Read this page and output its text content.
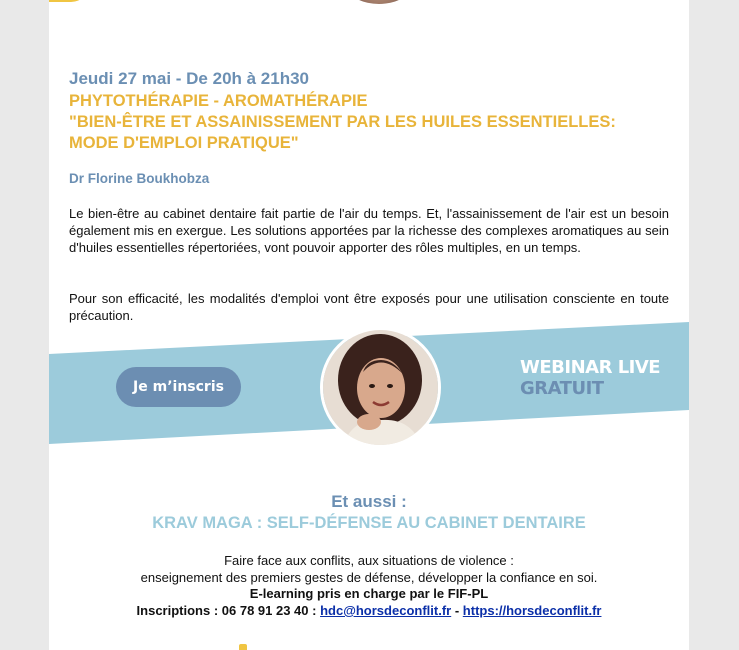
Jeudi 27 mai - De 20h à 21h30
PHYTOTHÉRAPIE - AROMATHÉRAPIE
"BIEN-ÊTRE ET ASSAINISSEMENT PAR LES HUILES ESSENTIELLES:
MODE D'EMPLOI PRATIQUE"

Dr Florine Boukhobza

Le bien-être au cabinet dentaire fait partie de l'air du temps. Et, l'assainissement de l'air est un besoin également mis en exergue. Les solutions apportées par la richesse des complexes aromatiques au sein d'huiles essentielles répertoriées, vont pouvoir apporter des rôles multiples, en un temps.

Pour son efficacité, les modalités d'emploi vont être exposés pour une utilisation consciente en toute précaution.

Je m’inscris
WEBINAR LIVE
GRATUIT

Et aussi :

KRAV MAGA : SELF-DÉFENSE AU CABINET DENTAIRE

Faire face aux conflits, aux situations de violence :
enseignement des premiers gestes de défense, développer la confiance en soi.

E-learning pris en charge par le FIF-PL

Inscriptions : 06 78 91 23 40 : hdc@horsdeconflit.fr - https://horsdeconflit.fr
